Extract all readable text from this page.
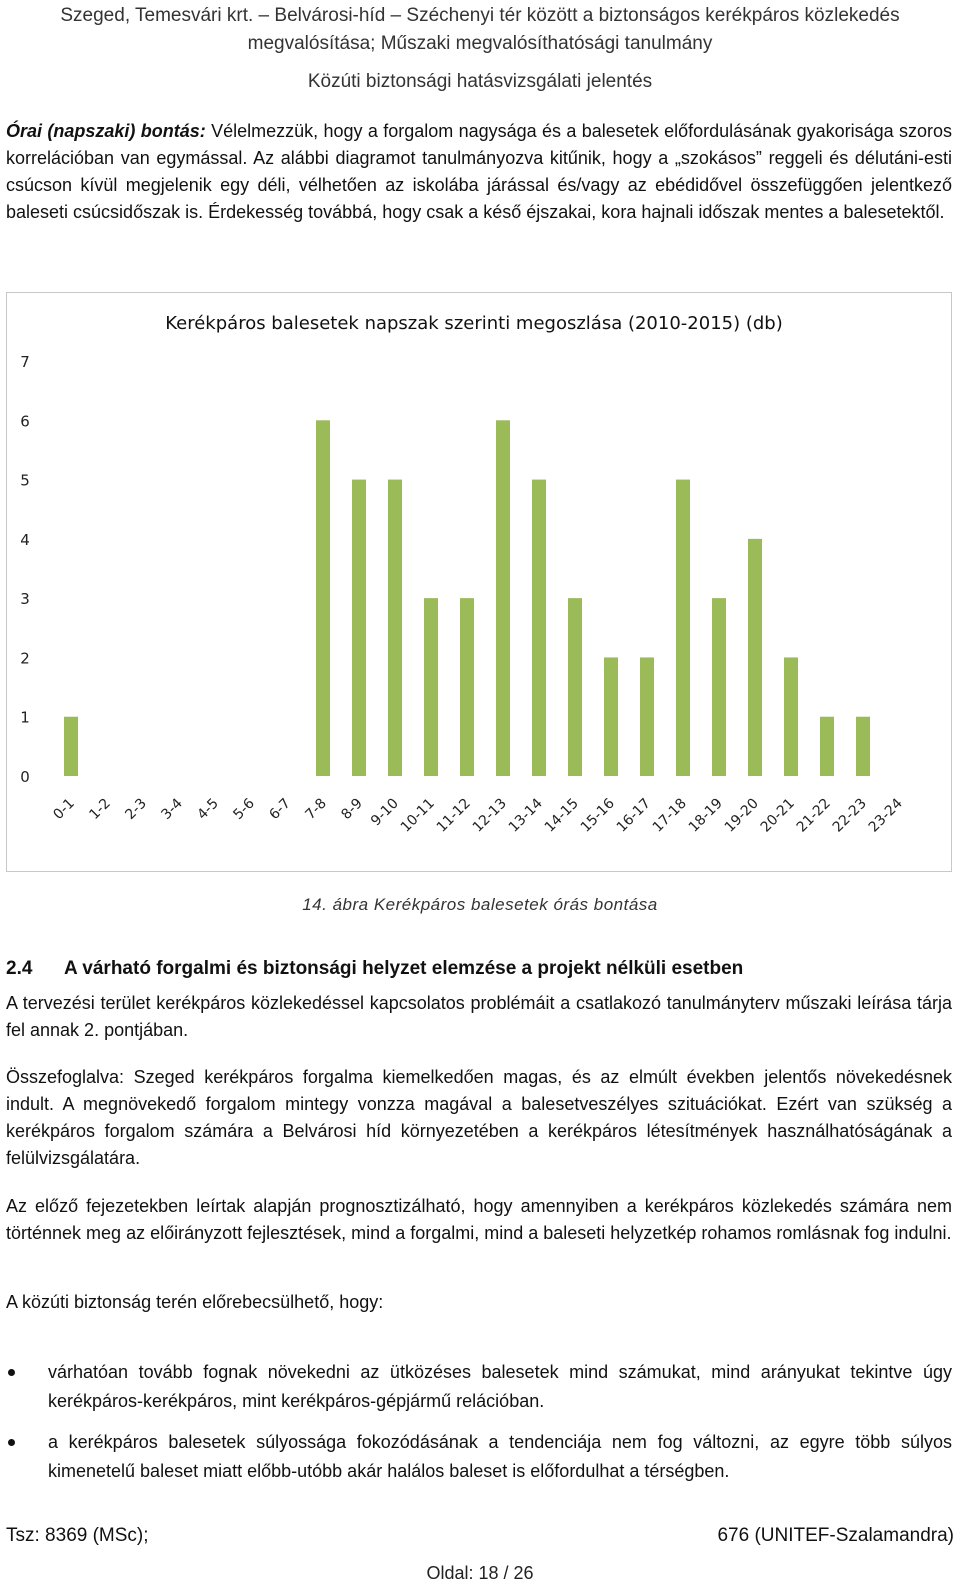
Szeged, Temesvári krt. – Belvárosi-híd – Széchenyi tér között a biztonságos kerékpáros közlekedés megvalósítása; Műszaki megvalósíthatósági tanulmány
Közúti biztonsági hatásvizsgálati jelentés

Órai (napszaki) bontás: Vélelmezzük, hogy a forgalom nagysága és a balesetek előfordulásának gyakorisága szoros korrelációban van egymással. Az alábbi diagramot tanulmányozva kitűnik, hogy a „szokásos” reggeli és délutáni-esti csúcson kívül megjelenik egy déli, vélhetően az iskolába járással és/vagy az ebédidővel összefüggően jelentkező baleseti csúcsidőszak is. Érdekesség továbbá, hogy csak a késő éjszakai, kora hajnali időszak mentes a balesetektől.

Kerékpáros balesetek napszak szerinti megoszlása (2010-2015) (db)
0
1
2
3
4
5
6
7
0-1 1-2 2-3 3-4 4-5 5-6 6-7 7-8 8-9 9-10
10-11
11-12
12-13
13-14
14-15
15-16
16-17
17-18
18-19
19-20
20-21
21-22
22-23
23-24
14. ábra Kerékpáros balesetek órás bontása
2.4 A várható forgalmi és biztonsági helyzet elemzése a projekt nélküli esetben

A tervezési terület kerékpáros közlekedéssel kapcsolatos problémáit a csatlakozó tanulmányterv műszaki leírása tárja fel annak 2. pontjában.

Összefoglalva: Szeged kerékpáros forgalma kiemelkedően magas, és az elmúlt években jelentős növekedésnek indult. A megnövekedő forgalom mintegy vonzza magával a balesetveszélyes szituációkat. Ezért van szükség a kerékpáros forgalom számára a Belvárosi híd környezetében a kerékpáros létesítmények használhatóságának a felülvizsgálatára.

Az előző fejezetekben leírtak alapján prognosztizálható, hogy amennyiben a kerékpáros közlekedés számára nem történnek meg az előirányzott fejlesztések, mind a forgalmi, mind a baleseti helyzetkép rohamos romlásnak fog indulni.

A közúti biztonság terén előrebecsülhető, hogy:

várhatóan tovább fognak növekedni az ütközéses balesetek mind számukat, mind arányukat tekintve úgy kerékpáros-kerékpáros, mint kerékpáros-gépjármű relációban.
a kerékpáros balesetek súlyossága fokozódásának a tendenciája nem fog változni, az egyre több súlyos kimenetelű baleset miatt előbb-utóbb akár halálos baleset is előfordulhat a térségben.
Tsz: 8369 (MSc);	676 (UNITEF-Szalamandra)
Oldal: 18 / 26
